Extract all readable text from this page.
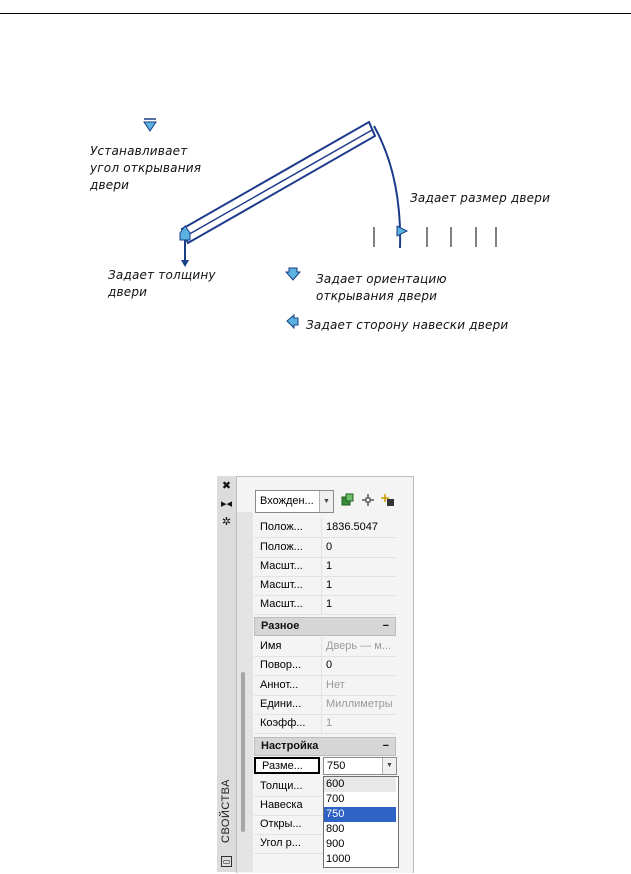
Устанавливает
угол открывания
двери
Задает размер двери
Задает толщину
двери
Задает ориентацию
открывания двери
Задает сторону навески двери
✖
▸◂
✲
СВОЙСТВА
▭
Вхожден...	▼
Полож...	1836.5047
Полож...	0
Масшт...	1
Масшт...	1
Масшт...	1
Разное	−
Имя	Дверь — м...
Повор...	0
Аннот...	Нет
Едини...	Миллиметры
Коэфф...	1
Настройка	−
Разме...	750	▼
Толщи...
Навеска
Откры...
Угол р...
600
700
750
800
900
1000
